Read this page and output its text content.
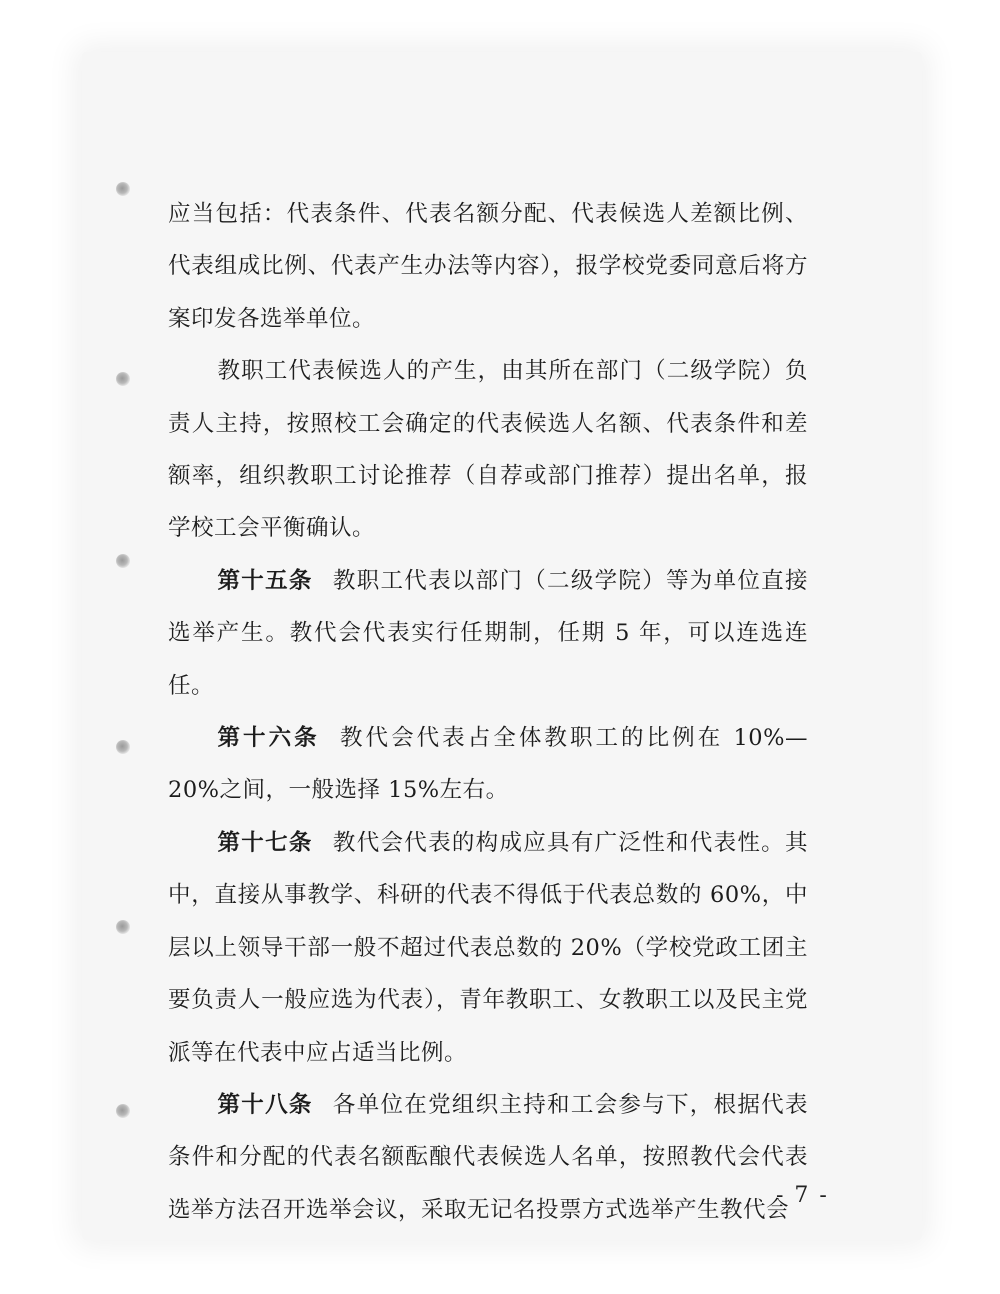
应当包括：代表条件、代表名额分配、代表候选人差额比例、代表组成比例、代表产生办法等内容），报学校党委同意后将方案印发各选举单位。

教职工代表候选人的产生，由其所在部门（二级学院）负责人主持，按照校工会确定的代表候选人名额、代表条件和差额率，组织教职工讨论推荐（自荐或部门推荐）提出名单，报学校工会平衡确认。

第十五条 教职工代表以部门（二级学院）等为单位直接选举产生。教代会代表实行任期制，任期 5 年，可以连选连任。

第十六条 教代会代表占全体教职工的比例在 10%—20%之间，一般选择 15%左右。

第十七条 教代会代表的构成应具有广泛性和代表性。其中，直接从事教学、科研的代表不得低于代表总数的 60%，中层以上领导干部一般不超过代表总数的 20%（学校党政工团主要负责人一般应选为代表），青年教职工、女教职工以及民主党派等在代表中应占适当比例。

第十八条 各单位在党组织主持和工会参与下，根据代表条件和分配的代表名额酝酿代表候选人名单，按照教代会代表选举方法召开选举会议，采取无记名投票方式选举产生教代会

- 7 -
